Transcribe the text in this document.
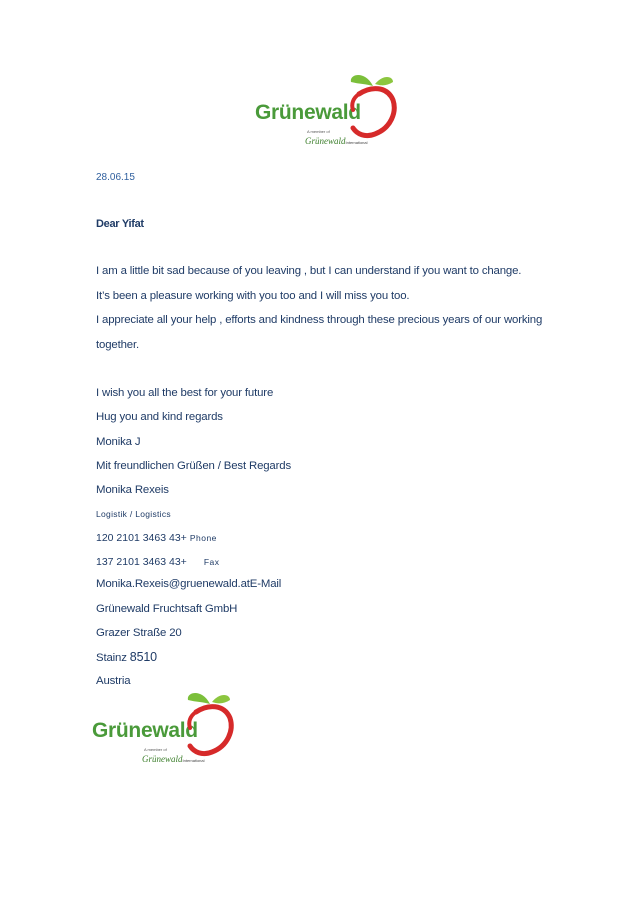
Grünewald
A member of
GrünewaldInternational
28.06.15
Dear Yifat
I am a little bit sad because of you leaving , but I can understand if you want to change.
It’s been a pleasure working with you too and I will miss you too.
I appreciate all your help , efforts and kindness through these precious years of our working
together.
I wish you all the best for your future
Hug you and kind regards
Monika J
Mit freundlichen Grüßen / Best Regards
Monika Rexeis
Logistik / Logistics
120 2101 3463 43+ Phone
137 2101 3463 43+ Fax
Monika.Rexeis@gruenewald.atE-Mail
Grünewald Fruchtsaft GmbH
Grazer Straße 20
Stainz 8510
Austria
Grünewald
A member of
GrünewaldInternational
